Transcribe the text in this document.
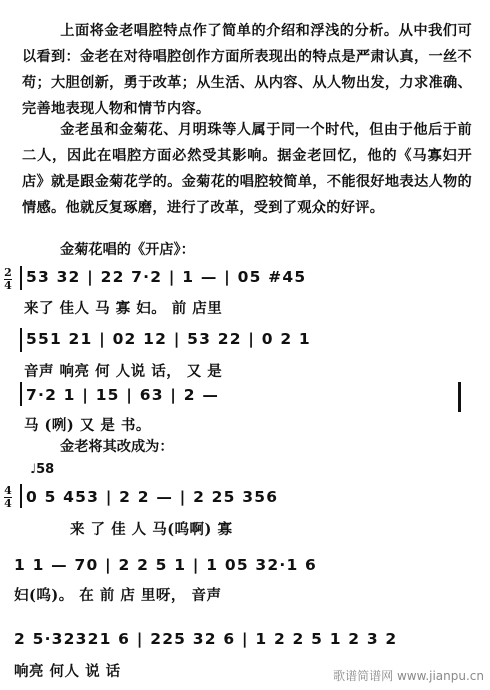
上面将金老唱腔特点作了简单的介绍和浮浅的分析。从中我们可以看到：金老在对待唱腔创作方面所表现出的特点是严肃认真，一丝不苟；大胆创新，勇于改革；从生活、从内容、从人物出发，力求准确、完善地表现人物和情节内容。
金老虽和金菊花、月明珠等人属于同一个时代，但由于他后于前二人，因此在唱腔方面必然受其影响。据金老回忆，他的《马寡妇开店》就是跟金菊花学的。金菊花的唱腔较简单，不能很好地表达人物的情感。他就反复琢磨，进行了改革，受到了观众的好评。
金菊花唱的《开店》：
2
4 53 32 | 22 7·2 | 1 — | 05 #45
来了 佳人 马 寡 妇。 前 店里
551 21 | 02 12 | 53 22 | 0 2 1
音声 响亮 何 人说 话， 又 是
7·2 1 | 15 | 63 | 2 —
马 (咧) 又 是 书。
金老将其改成为：
♩58
4
4 0 5 453 | 2 2 — | 2 25 356
来 了 佳 人 马(呜啊) 寡
1 1 — 70 | 2 2 5 1 | 1 05 32·1 6
妇(呜)。 在 前 店 里呀， 音声
2 5·32321 6 | 225 32 6 | 1 2 2 5 1 2 3 2
响亮 何人 说 话	歌谱简谱网 www.jianpu.cn
